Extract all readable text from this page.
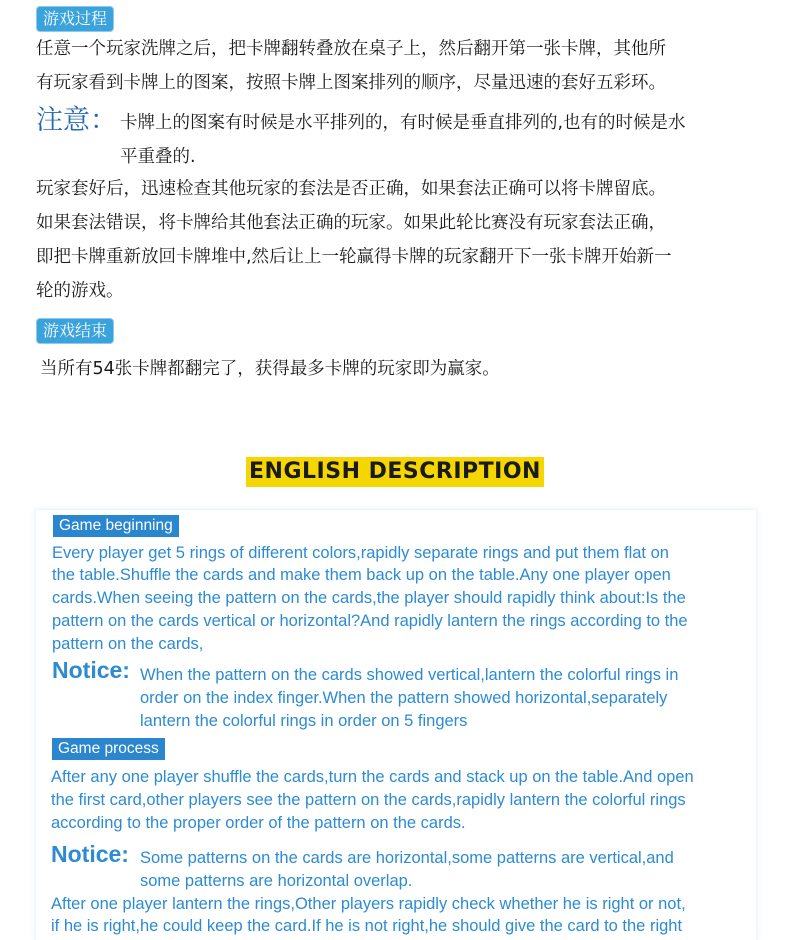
游戏过程
任意一个玩家洗牌之后，把卡牌翻转叠放在桌子上，然后翻开第一张卡牌，其他所
有玩家看到卡牌上的图案，按照卡牌上图案排列的顺序，尽量迅速的套好五彩环。
注意： 卡牌上的图案有时候是水平排列的，有时候是垂直排列的,也有的时候是水
平重叠的.
玩家套好后，迅速检查其他玩家的套法是否正确，如果套法正确可以将卡牌留底。
如果套法错误，将卡牌给其他套法正确的玩家。如果此轮比赛没有玩家套法正确，
即把卡牌重新放回卡牌堆中,然后让上一轮赢得卡牌的玩家翻开下一张卡牌开始新一
轮的游戏。
游戏结束
当所有54张卡牌都翻完了，获得最多卡牌的玩家即为赢家。
ENGLISH DESCRIPTION
Game beginning
Every player get 5 rings of different colors,rapidly separate rings and put them flat on
the table.Shuffle the cards and make them back up on the table.Any one player open
cards.When seeing the pattern on the cards,the player should rapidly think about:Is the
pattern on the cards vertical or horizontal?And rapidly lantern the rings according to the
pattern on the cards,
Notice: When the pattern on the cards showed vertical,lantern the colorful rings in
order on the index finger.When the pattern showed horizontal,separately
lantern the colorful rings in order on 5 fingers
Game process
After any one player shuffle the cards,turn the cards and stack up on the table.And open
the first card,other players see the pattern on the cards,rapidly lantern the colorful rings
according to the proper order of the pattern on the cards.
Notice: Some patterns on the cards are horizontal,some patterns are vertical,and
some patterns are horizontal overlap.
After one player lantern the rings,Other players rapidly check whether he is right or not,
if he is right,he could keep the card.If he is not right,he should give the card to the right
